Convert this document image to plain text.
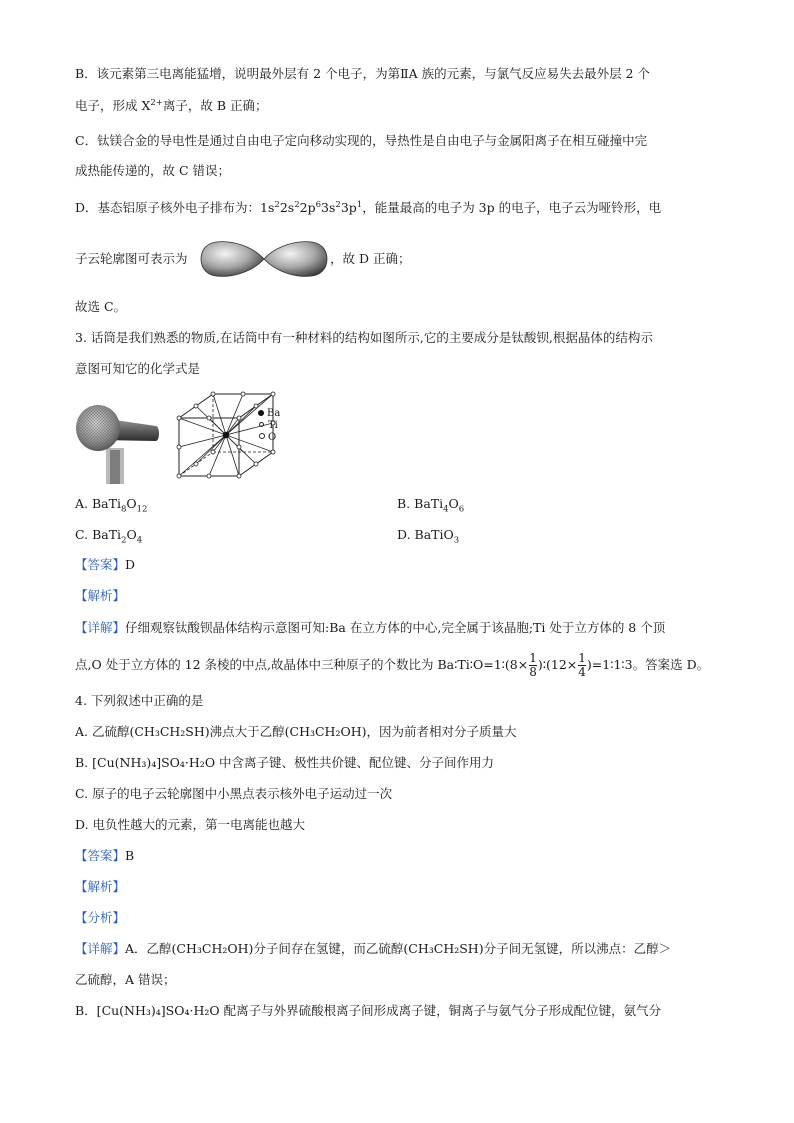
B．该元素第三电离能猛增，说明最外层有 2 个电子，为第ⅡA 族的元素，与氯气反应易失去最外层 2 个
电子，形成 $X^{2+}$离子，故 B 正确；
C．钛镁合金的导电性是通过自由电子定向移动实现的，导热性是自由电子与金属阳离子在相互碰撞中完
成热能传递的，故 C 错误；
D．基态铝原子核外电子排布为：$1s^22s^22p^63s^23p^1$，能量最高的电子为 3p 的电子，电子云为哑铃形，电
子云轮廓图可表示为	，故 D 正确；
故选 C。
3. 话筒是我们熟悉的物质,在话筒中有一种材料的结构如图所示,它的主要成分是钛酸钡,根据晶体的结构示
意图可知它的化学式是
Ba
Ti
O
A. $BaTi_8O_{12}$	B. $BaTi_4O_6$
C. $BaTi_2O_4$	D. BaTiO$_3$
【答案】D
【解析】
【详解】仔细观察钛酸钡晶体结构示意图可知:Ba 在立方体的中心,完全属于该晶胞;Ti 处于立方体的 8 个顶
点,O 处于立方体的 12 条棱的中点,故晶体中三种原子的个数比为 Ba∶Ti∶O=1∶(8× $\frac{1}{8}$ )∶(12× $\frac{1}{4}$ )=1∶1∶3。答案选 D。
4. 下列叙述中正确的是
A. 乙硫醇(CH₃CH₂SH)沸点大于乙醇(CH₃CH₂OH)，因为前者相对分子质量大
B. [Cu(NH₃)₄]SO₄·H₂O 中含离子键、极性共价键、配位键、分子间作用力
C. 原子的电子云轮廓图中小黑点表示核外电子运动过一次
D. 电负性越大的元素，第一电离能也越大
【答案】B
【解析】
【分析】
【详解】A．乙醇(CH₃CH₂OH)分子间存在氢键，而乙硫醇(CH₃CH₂SH)分子间无氢键，所以沸点：乙醇＞
乙硫醇，A 错误；
B．[Cu(NH₃)₄]SO₄·H₂O 配离子与外界硫酸根离子间形成离子键，铜离子与氨气分子形成配位键，氨气分
